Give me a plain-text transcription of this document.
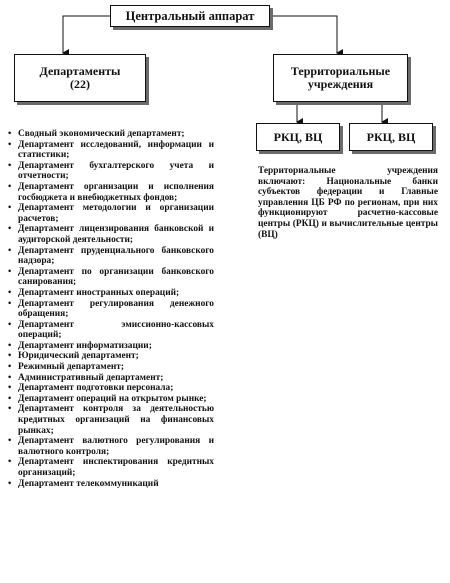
Центральный аппарат
Департаменты
(22)
Территориальные
учреждения
РКЦ, ВЦ	РКЦ, ВЦ
• Сводный экономический департамент;
• Департамент исследований, информации и статистики;
• Департамент бухгалтерского учета и отчетности;
• Департамент организации и исполнения госбюджета и внебюджетных фондов;
• Департамент методологии и организации расчетов;
• Департамент лицензирования банковской и аудиторской деятельности;
• Департамент пруденциального банковского надзора;
• Департамент по организации банковского санирования;
• Департамент иностранных операций;
• Департамент регулирования денежного обращения;
• Департамент эмиссионно-кассовых операций;
• Департамент информатизации;
• Юридический департамент;
• Режимный департамент;
• Административный департамент;
• Департамент подготовки персонала;
• Департамент операций на открытом рынке;
• Департамент контроля за деятельностью кредитных организаций на финансовых рынках;
• Департамент валютного регулирования и валютного контроля;
• Департамент инспектирования кредитных организаций;
• Департамент телекоммуникаций

Территориальные учреждения включают: Национальные банки субъектов федерации и Главные управления ЦБ РФ по регионам, при них функционируют расчетно-кассовые центры (РКЦ) и вычислительные центры (ВЦ)
